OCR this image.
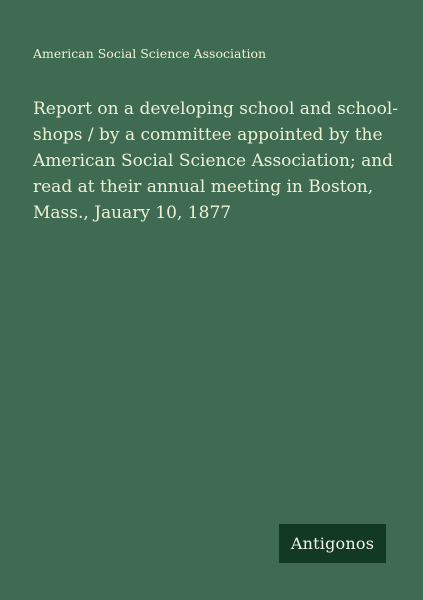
American Social Science Association
Report on a developing school and school-shops / by a committee appointed by the American Social Science Association; and read at their annual meeting in Boston, Mass., Jauary 10, 1877
Antigonos
